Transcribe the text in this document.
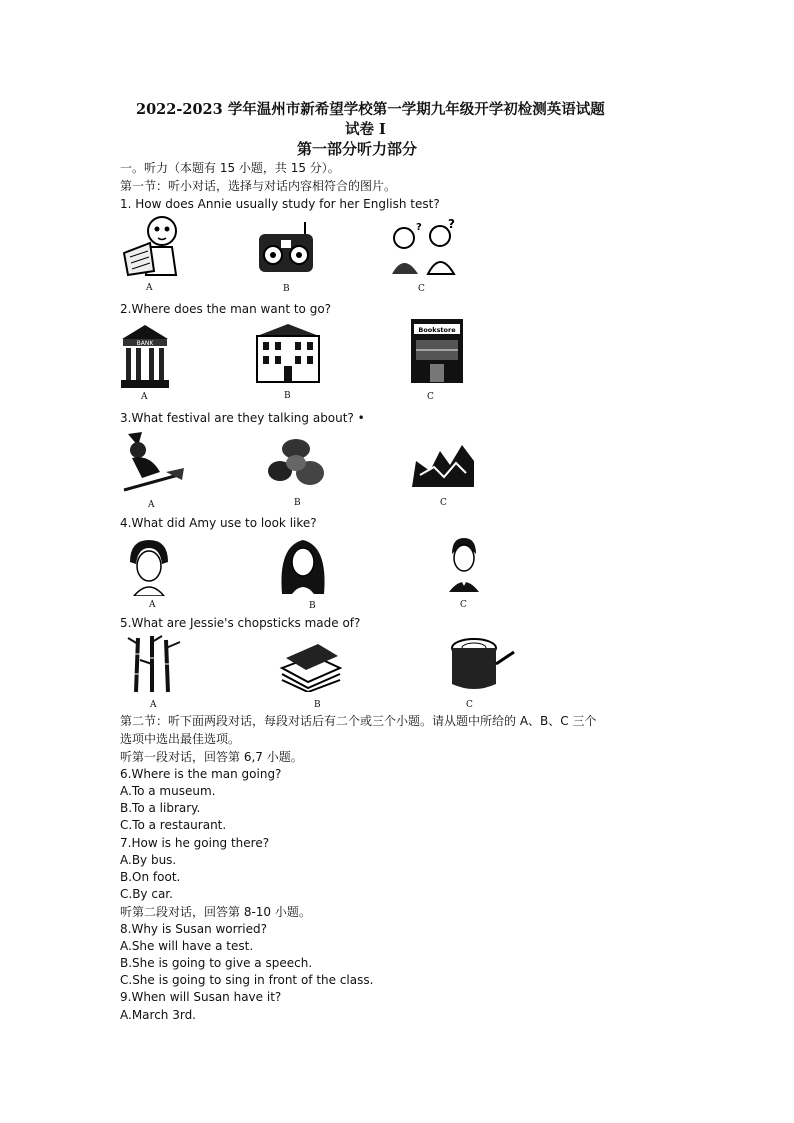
2022-2023 学年温州市新希望学校第一学期九年级开学初检测英语试题
试卷 I
第一部分听力部分
一。听力（本题有 15 小题，共 15 分）。
第一节：听小对话，选择与对话内容相符合的图片。
1. How does Annie usually study for her English test?
?
?
A	B	C
2.Where does the man want to go?
BANK
Bookstore
A	B	C
3.What festival are they talking about? •
A	B	C
4.What did Amy use to look like?
A	B	C
5.What are Jessie's chopsticks made of?
A	B	C
第二节：听下面两段对话，每段对话后有二个或三个小题。请从题中所给的 A、B、C 三个
选项中选出最佳选项。
听第一段对话，回答第 6,7 小题。
6.Where is the man going?
A.To a museum.
B.To a library.
C.To a restaurant.
7.How is he going there?
A.By bus.
B.On foot.
C.By car.
听第二段对话，回答第 8-10 小题。
8.Why is Susan worried?
A.She will have a test.
B.She is going to give a speech.
C.She is going to sing in front of the class.
9.When will Susan have it?
A.March 3rd.
